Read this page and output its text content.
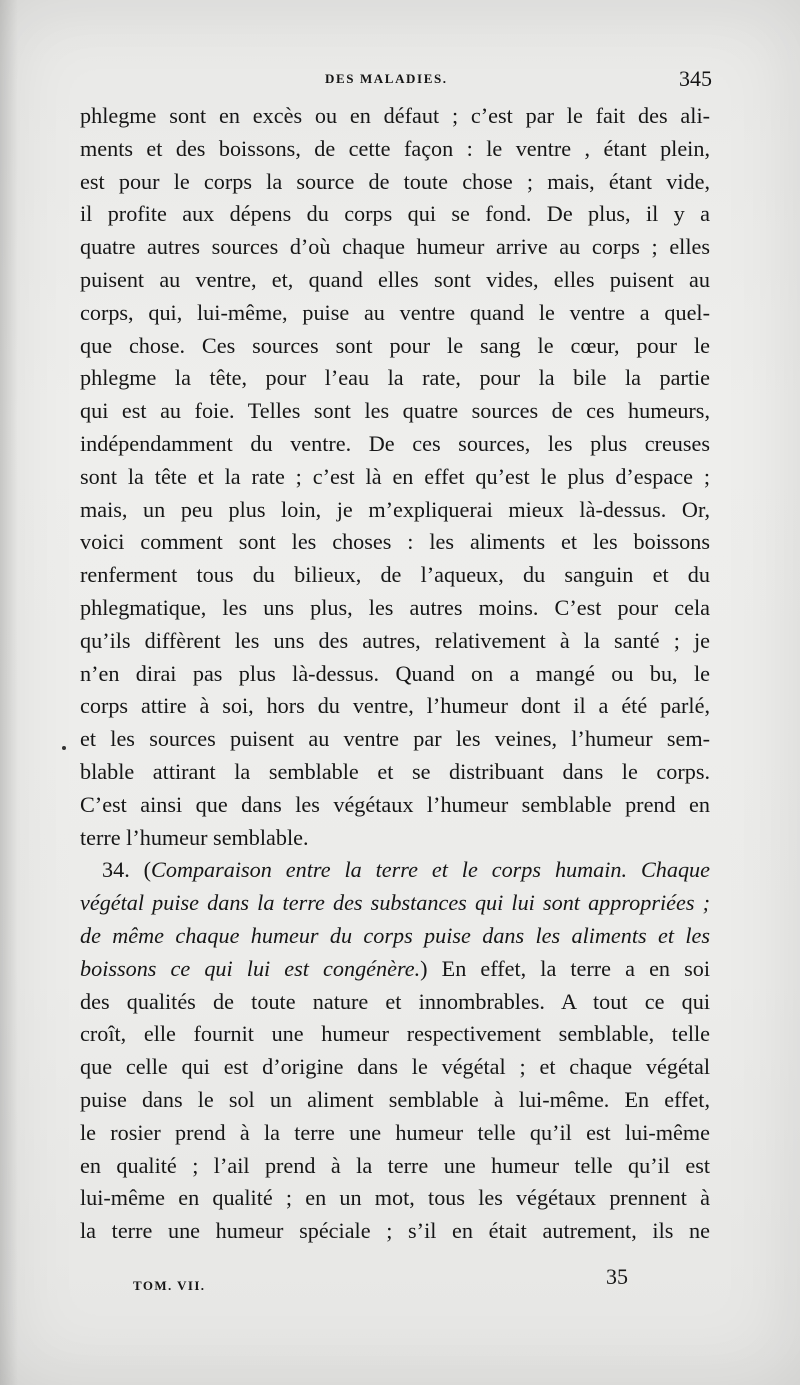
DES MALADIES.	345
phlegme sont en excès ou en défaut ; c’est par le fait des ali-
ments et des boissons, de cette façon : le ventre , étant plein,
est pour le corps la source de toute chose ; mais, étant vide,
il profite aux dépens du corps qui se fond. De plus, il y a
quatre autres sources d’où chaque humeur arrive au corps ; elles
puisent au ventre, et, quand elles sont vides, elles puisent au
corps, qui, lui-même, puise au ventre quand le ventre a quel-
que chose. Ces sources sont pour le sang le cœur, pour le
phlegme la tête, pour l’eau la rate, pour la bile la partie
qui est au foie. Telles sont les quatre sources de ces humeurs,
indépendamment du ventre. De ces sources, les plus creuses
sont la tête et la rate ; c’est là en effet qu’est le plus d’espace ;
mais, un peu plus loin, je m’expliquerai mieux là-dessus. Or,
voici comment sont les choses : les aliments et les boissons
renferment tous du bilieux, de l’aqueux, du sanguin et du
phlegmatique, les uns plus, les autres moins. C’est pour cela
qu’ils diffèrent les uns des autres, relativement à la santé ; je
n’en dirai pas plus là-dessus. Quand on a mangé ou bu, le
corps attire à soi, hors du ventre, l’humeur dont il a été parlé,
et les sources puisent au ventre par les veines, l’humeur sem-
blable attirant la semblable et se distribuant dans le corps.
C’est ainsi que dans les végétaux l’humeur semblable prend en
terre l’humeur semblable.
34. (Comparaison entre la terre et le corps humain. Chaque
végétal puise dans la terre des substances qui lui sont appropriées ;
de même chaque humeur du corps puise dans les aliments et les
boissons ce qui lui est congénère.) En effet, la terre a en soi
des qualités de toute nature et innombrables. A tout ce qui
croît, elle fournit une humeur respectivement semblable, telle
que celle qui est d’origine dans le végétal ; et chaque végétal
puise dans le sol un aliment semblable à lui-même. En effet,
le rosier prend à la terre une humeur telle qu’il est lui-même
en qualité ; l’ail prend à la terre une humeur telle qu’il est
lui-même en qualité ; en un mot, tous les végétaux prennent à
la terre une humeur spéciale ; s’il en était autrement, ils ne
TOM. VII.	35
